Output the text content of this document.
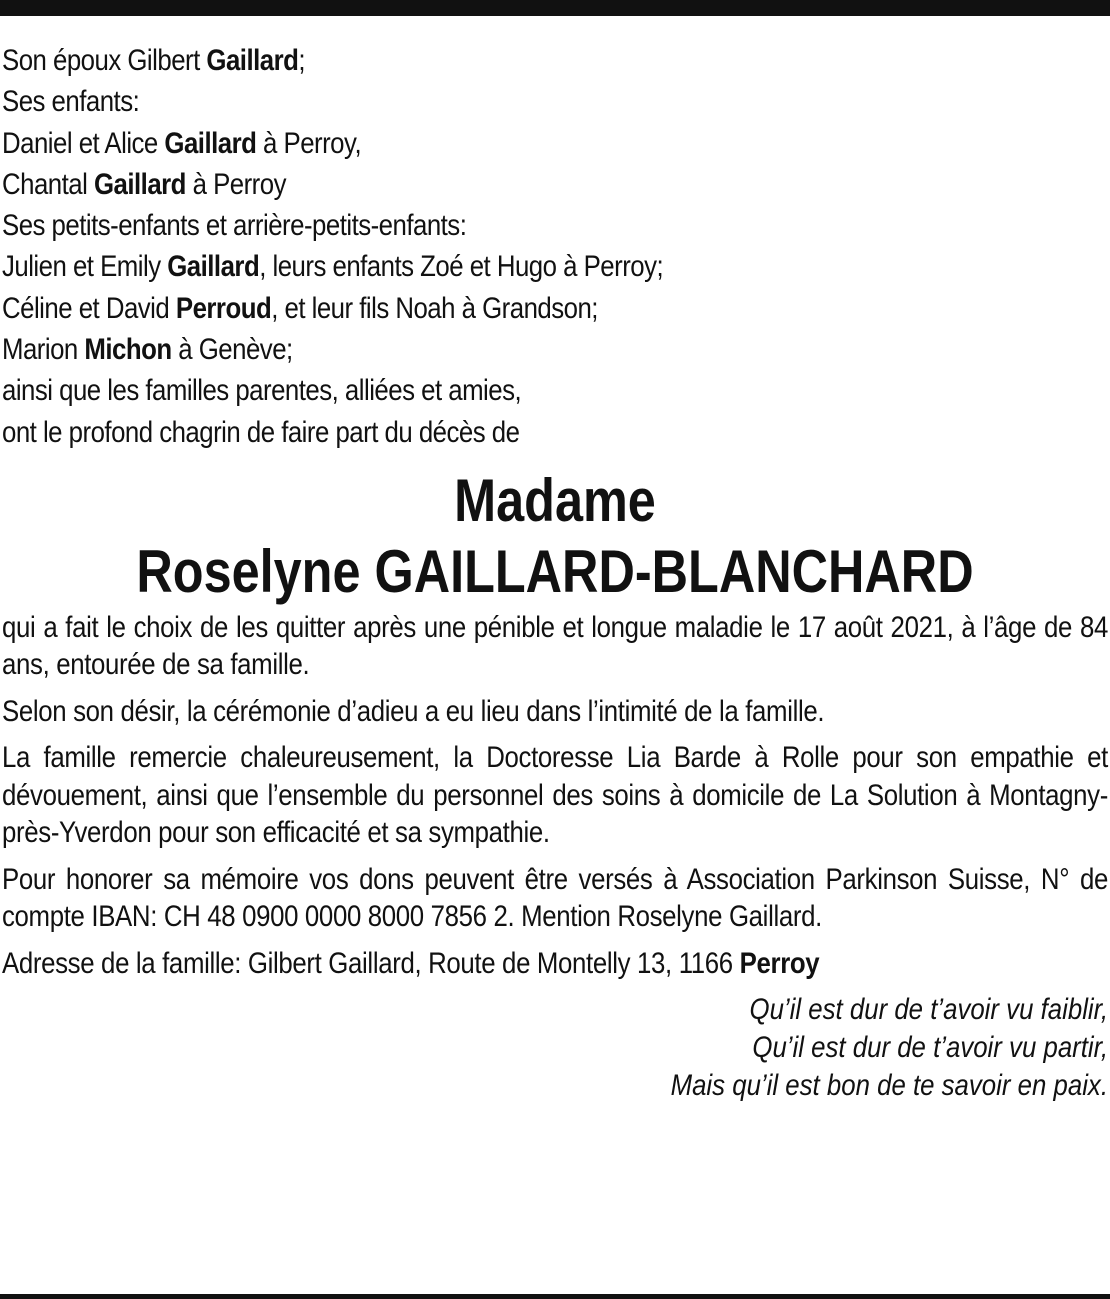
Son époux Gilbert Gaillard;
Ses enfants:
Daniel et Alice Gaillard à Perroy,
Chantal Gaillard à Perroy
Ses petits-enfants et arrière-petits-enfants:
Julien et Emily Gaillard, leurs enfants Zoé et Hugo à Perroy;
Céline et David Perroud, et leur fils Noah à Grandson;
Marion Michon à Genève;
ainsi que les familles parentes, alliées et amies,
ont le profond chagrin de faire part du décès de
Madame
Roselyne GAILLARD-BLANCHARD

qui a fait le choix de les quitter après une pénible et longue maladie le 17 août 2021, à l’âge de 84 ans, entourée de sa famille.

Selon son désir, la cérémonie d’adieu a eu lieu dans l’intimité de la famille.

La famille remercie chaleureusement, la Doctoresse Lia Barde à Rolle pour son empathie et dévouement, ainsi que l’ensemble du personnel des soins à domicile de La Solution à Montagny-près-Yverdon pour son efficacité et sa sympathie.

Pour honorer sa mémoire vos dons peuvent être versés à Association Parkinson Suisse, N° de compte IBAN: CH 48 0900 0000 8000 7856 2. Mention Roselyne Gaillard.

Adresse de la famille: Gilbert Gaillard, Route de Montelly 13, 1166 Perroy

Qu’il est dur de t’avoir vu faiblir,
Qu’il est dur de t’avoir vu partir,
Mais qu’il est bon de te savoir en paix.
